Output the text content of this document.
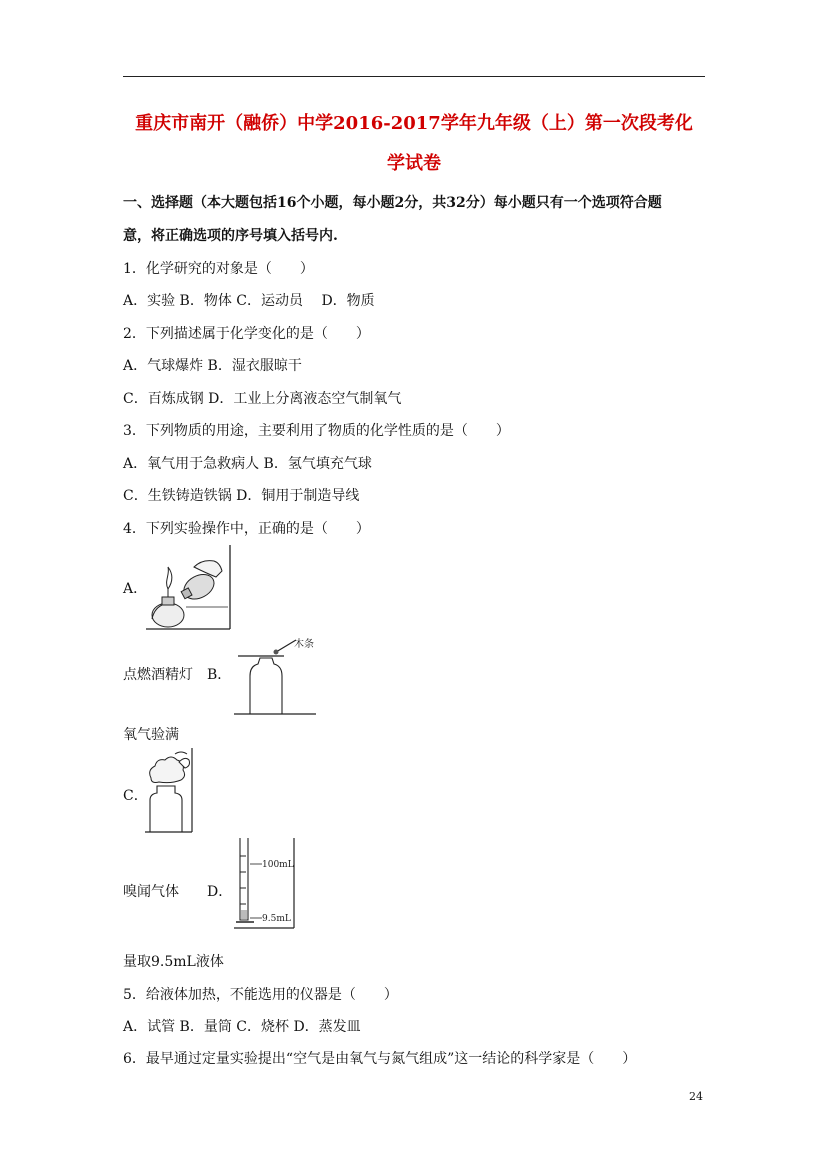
重庆市南开（融侨）中学2016-2017学年九年级（上）第一次段考化
学试卷
一、选择题（本大题包括16个小题，每小题2分，共32分）每小题只有一个选项符合题
意，将正确选项的序号填入括号内.
1．化学研究的对象是（　　）
A．实验 B．物体 C．运动员　 D．物质
2．下列描述属于化学变化的是（　　）
A．气球爆炸 B．湿衣服晾干
C．百炼成钢 D．工业上分离液态空气制氧气
3．下列物质的用途，主要利用了物质的化学性质的是（　　）
A．氧气用于急救病人 B．氢气填充气球
C．生铁铸造铁锅 D．铜用于制造导线
4．下列实验操作中，正确的是（　　）
A．
点燃酒精灯　B．
木条
氧气验满
C．
嗅闻气体　　D．
100mL
9.5mL
量取9.5mL液体
5．给液体加热，不能选用的仪器是（　　）
A．试管 B．量筒 C．烧杯 D．蒸发皿
6．最早通过定量实验提出“空气是由氧气与氮气组成”这一结论的科学家是（　　）
24
